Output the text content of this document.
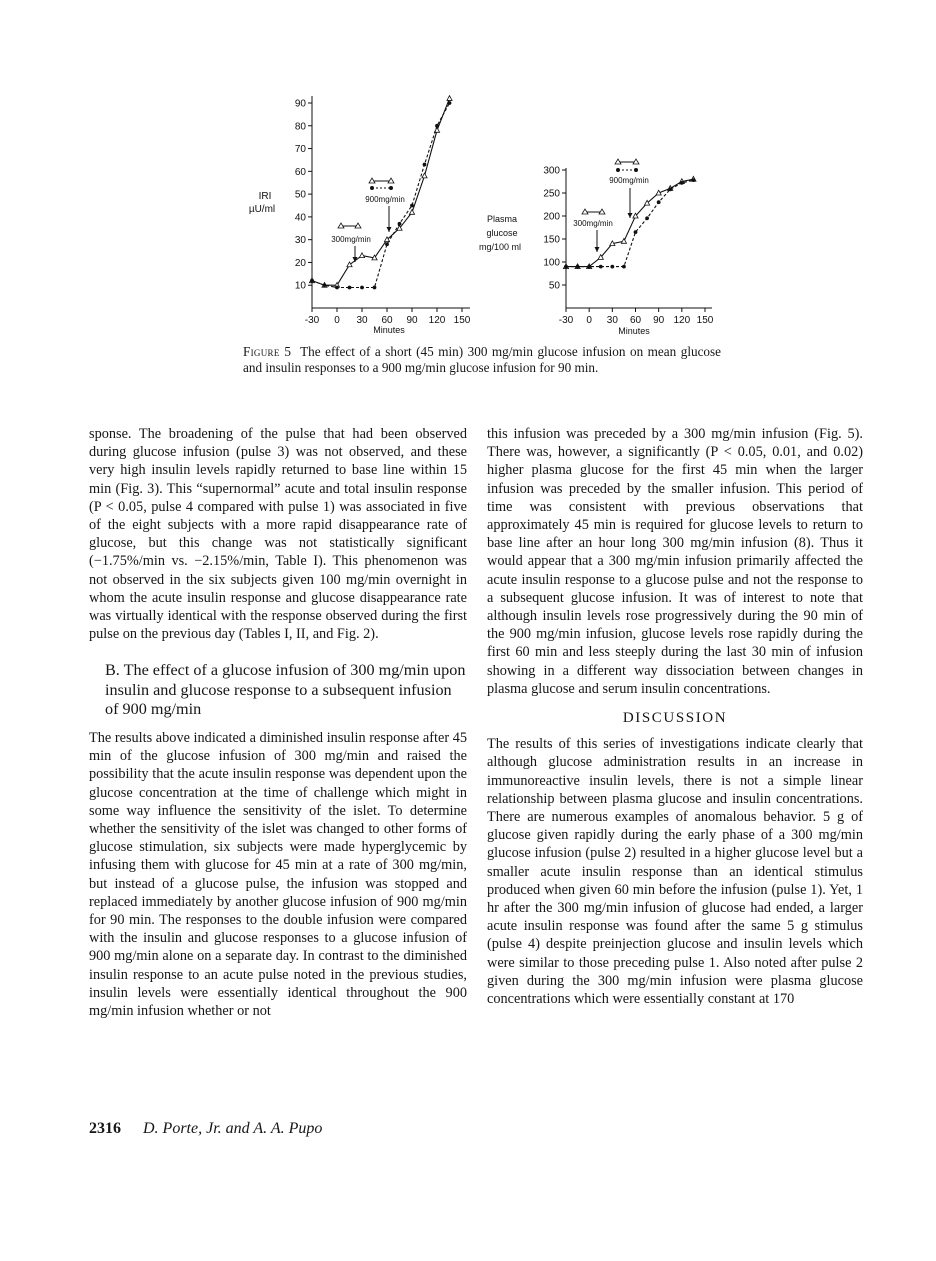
IRI
µU/ml
90
80
70
60
50
40
30
20
10
-30 0 30 60 90 120 150
Minutes
300mg/min
900mg/min
Plasma
glucose
mg/100 ml
300
250
200
150
100
50
-30 0 30 60 90 120 150
Minutes
300mg/min
900mg/min
Figure 5 The effect of a short (45 min) 300 mg/min glucose infusion on mean glucose and insulin responses to a 900 mg/min glucose infusion for 90 min.

sponse. The broadening of the pulse that had been observed during glucose infusion (pulse 3) was not observed, and these very high insulin levels rapidly returned to base line within 15 min (Fig. 3). This “supernormal” acute and total insulin response (P < 0.05, pulse 4 compared with pulse 1) was associated in five of the eight subjects with a more rapid disappearance rate of glucose, but this change was not statistically significant (−1.75%/min vs. −2.15%/min, Table I). This phenomenon was not observed in the six subjects given 100 mg/min overnight in whom the acute insulin response and glucose disappearance rate was virtually identical with the response observed during the first pulse on the previous day (Tables I, II, and Fig. 2).

B. The effect of a glucose infusion of 300 mg/min upon insulin and glucose response to a subsequent infusion of 900 mg/min

The results above indicated a diminished insulin response after 45 min of the glucose infusion of 300 mg/min and raised the possibility that the acute insulin response was dependent upon the glucose concentration at the time of challenge which might in some way influence the sensitivity of the islet. To determine whether the sensitivity of the islet was changed to other forms of glucose stimulation, six subjects were made hyperglycemic by infusing them with glucose for 45 min at a rate of 300 mg/min, but instead of a glucose pulse, the infusion was stopped and replaced immediately by another glucose infusion of 900 mg/min for 90 min. The responses to the double infusion were compared with the insulin and glucose responses to a glucose infusion of 900 mg/min alone on a separate day. In contrast to the diminished insulin response to an acute pulse noted in the previous studies, insulin levels were essentially identical throughout the 900 mg/min infusion whether or not

this infusion was preceded by a 300 mg/min infusion (Fig. 5). There was, however, a significantly (P < 0.05, 0.01, and 0.02) higher plasma glucose for the first 45 min when the larger infusion was preceded by the smaller infusion. This period of time was consistent with previous observations that approximately 45 min is required for glucose levels to return to base line after an hour long 300 mg/min infusion (8). Thus it would appear that a 300 mg/min infusion primarily affected the acute insulin response to a glucose pulse and not the response to a subsequent glucose infusion. It was of interest to note that although insulin levels rose progressively during the 90 min of the 900 mg/min infusion, glucose levels rose rapidly during the first 60 min and less steeply during the last 30 min of infusion showing in a different way dissociation between changes in plasma glucose and serum insulin concentrations.

DISCUSSION

The results of this series of investigations indicate clearly that although glucose administration results in an increase in immunoreactive insulin levels, there is not a simple linear relationship between plasma glucose and insulin concentrations. There are numerous examples of anomalous behavior. 5 g of glucose given rapidly during the early phase of a 300 mg/min glucose infusion (pulse 2) resulted in a higher glucose level but a smaller acute insulin response than an identical stimulus produced when given 60 min before the infusion (pulse 1). Yet, 1 hr after the 300 mg/min infusion of glucose had ended, a larger acute insulin response was found after the same 5 g stimulus (pulse 4) despite preinjection glucose and insulin levels which were similar to those preceding pulse 1. Also noted after pulse 2 given during the 300 mg/min infusion were plasma glucose concentrations which were essentially constant at 170

2316 D. Porte, Jr. and A. A. Pupo
